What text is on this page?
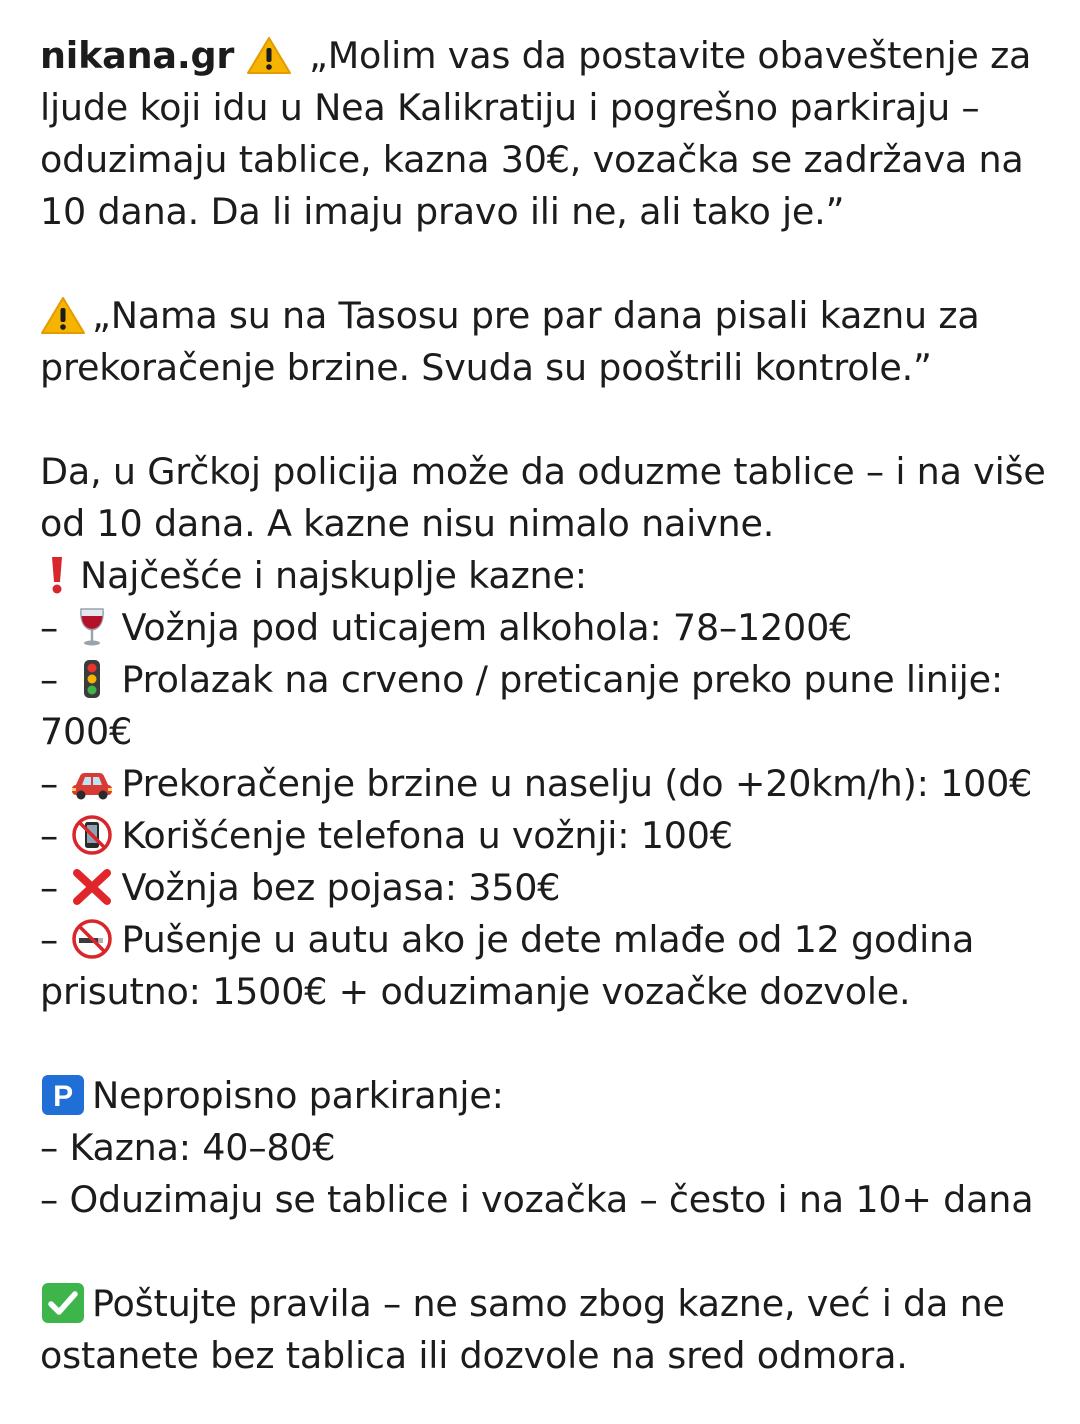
nikana.gr
„Molim vas da postavite obaveštenje za
ljude koji idu u Nea Kalikratiju i pogrešno parkiraju –
oduzimaju tablice, kazna 30€, vozačka se zadržava na
10 dana. Da li imaju pravo ili ne, ali tako je.”

„Nama su na Tasosu pre par dana pisali kaznu za
prekoračenje brzine. Svuda su pooštrili kontrole.”

Da, u Grčkoj policija može da oduzme tablice – i na više
od 10 dana. A kazne nisu nimalo naivne.
Najčešće i najskuplje kazne:
–
Vožnja pod uticajem alkohola: 78–1200€
–
Prolazak na crveno / preticanje preko pune linije:
700€
–
Prekoračenje brzine u naselju (do +20km/h): 100€
–
Korišćenje telefona u vožnji: 100€
–
Vožnja bez pojasa: 350€
–
Pušenje u autu ako je dete mlađe od 12 godina
prisutno: 1500€ + oduzimanje vozačke dozvole.

P Nepropisno parkiranje:
– Kazna: 40–80€
– Oduzimaju se tablice i vozačka – često i na 10+ dana

Poštujte pravila – ne samo zbog kazne, već i da ne
ostanete bez tablica ili dozvole na sred odmora.
